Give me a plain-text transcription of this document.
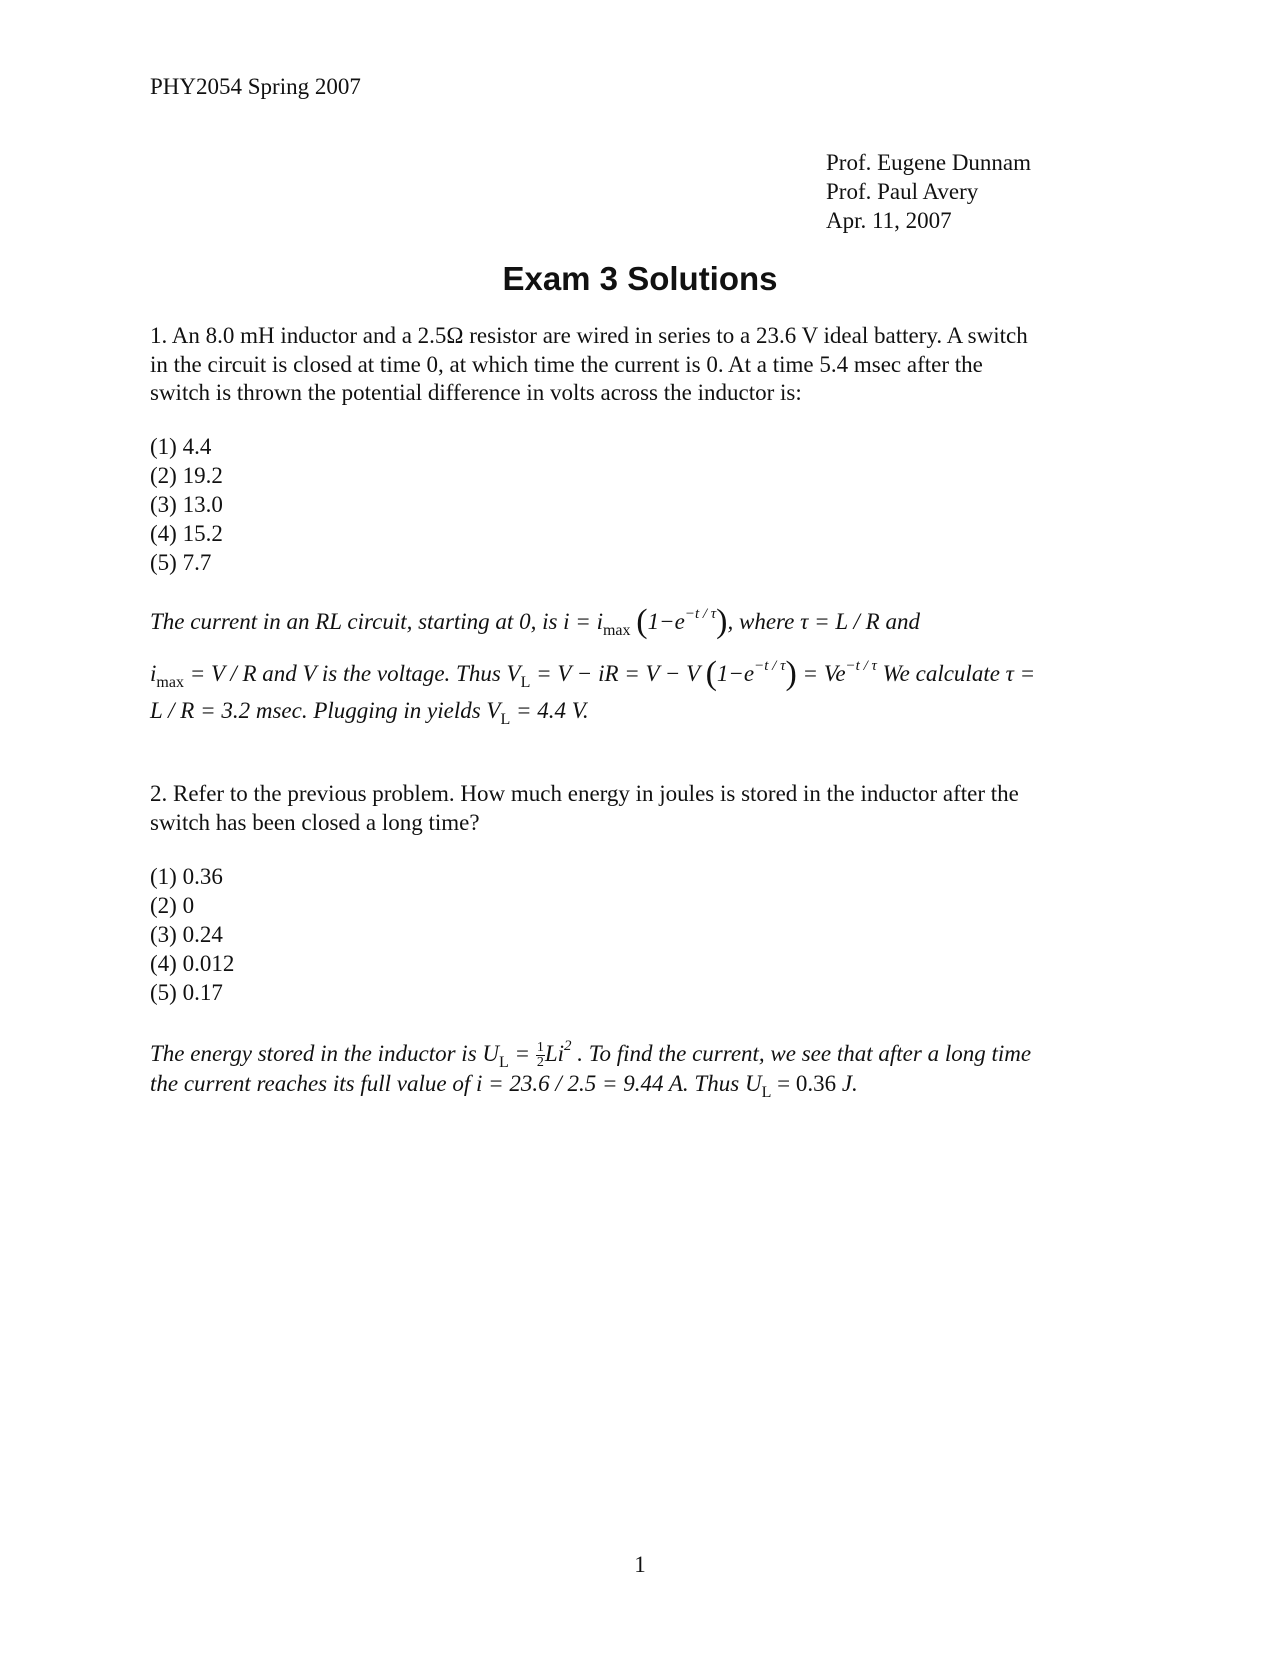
PHY2054 Spring 2007
Prof. Eugene Dunnam
Prof. Paul Avery
Apr. 11, 2007
Exam 3 Solutions
1. An 8.0 mH inductor and a 2.5Ω resistor are wired in series to a 23.6 V ideal battery. A switch
in the circuit is closed at time 0, at which time the current is 0. At a time 5.4 msec after the
switch is thrown the potential difference in volts across the inductor is:
(1) 4.4
(2) 19.2
(3) 13.0
(4) 15.2
(5) 7.7
The current in an RL circuit, starting at 0, is $i = i_{max}$ $(1-e^{-t / \tau})$, where τ = L / R and
$i_{max} = V / R$ and V is the voltage. Thus $V_L = V$ − iR = V − V $(1-e^{-t / \tau}) = Ve^{-t / \tau}$ We calculate τ =
L / R = 3.2 msec. Plugging in yields $V_L = 4.4$ V.
2. Refer to the previous problem. How much energy in joules is stored in the inductor after the
switch has been closed a long time?
(1) 0.36
(2) 0
(3) 0.24
(4) 0.012
(5) 0.17
The energy stored in the inductor is $U_L = \frac{1}{2} Li^2$ . To find the current, we see that after a long time
the current reaches its full value of i = 23.6 / 2.5 = 9.44 A. Thus $U_L = 0.36$ J.
1
